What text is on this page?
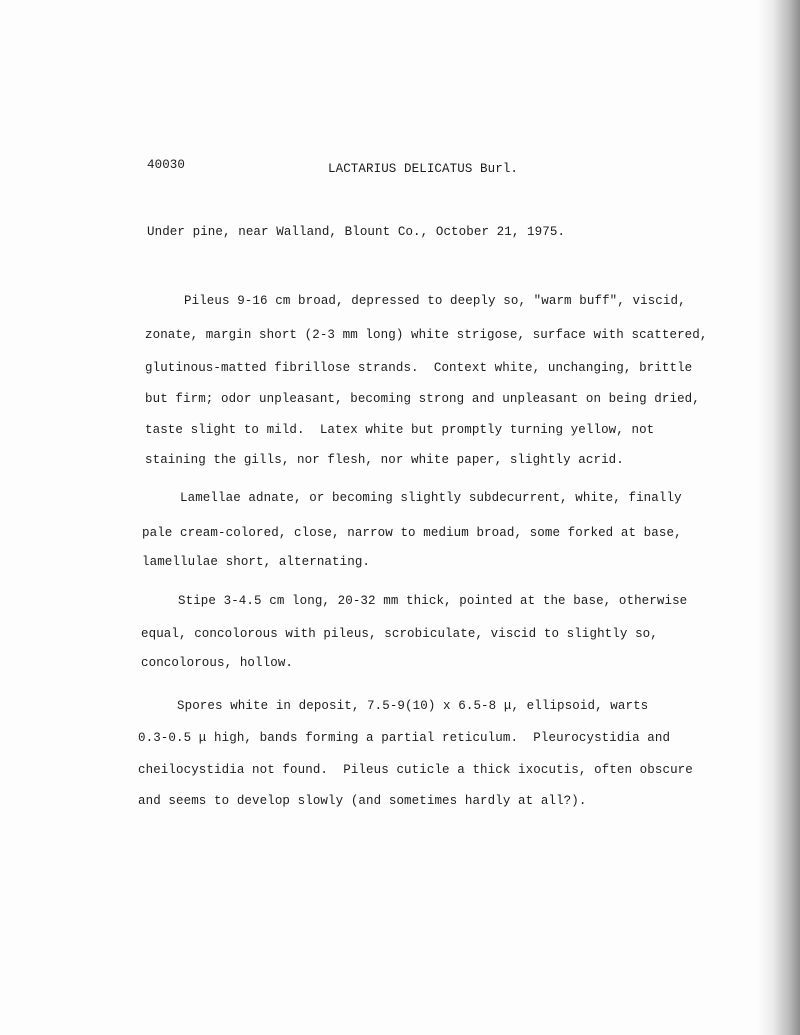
40030	LACTARIUS DELICATUS Burl.
Under pine, near Walland, Blount Co., October 21, 1975.
Pileus 9-16 cm broad, depressed to deeply so, "warm buff", viscid,
zonate, margin short (2-3 mm long) white strigose, surface with scattered,
glutinous-matted fibrillose strands.  Context white, unchanging, brittle
but firm; odor unpleasant, becoming strong and unpleasant on being dried,
taste slight to mild.  Latex white but promptly turning yellow, not
staining the gills, nor flesh, nor white paper, slightly acrid.
Lamellae adnate, or becoming slightly subdecurrent, white, finally
pale cream-colored, close, narrow to medium broad, some forked at base,
lamellulae short, alternating.
Stipe 3-4.5 cm long, 20-32 mm thick, pointed at the base, otherwise
equal, concolorous with pileus, scrobiculate, viscid to slightly so,
concolorous, hollow.
Spores white in deposit, 7.5-9(10) x 6.5-8 μ, ellipsoid, warts
0.3-0.5 μ high, bands forming a partial reticulum.  Pleurocystidia and
cheilocystidia not found.  Pileus cuticle a thick ixocutis, often obscure
and seems to develop slowly (and sometimes hardly at all?).
